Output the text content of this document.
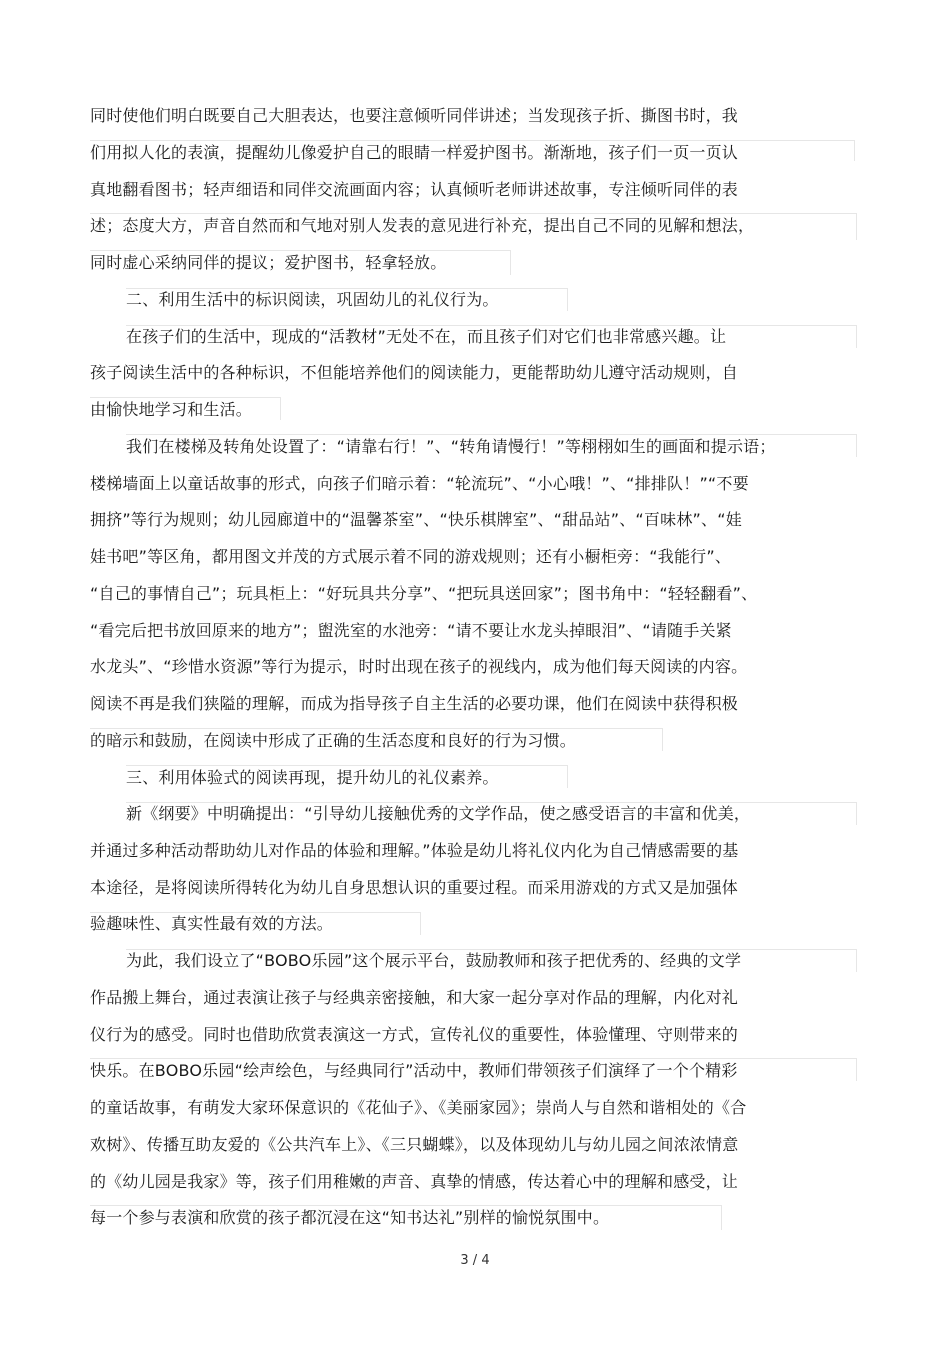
同时使他们明白既要自己大胆表达，也要注意倾听同伴讲述；当发现孩子折、撕图书时，我
们用拟人化的表演，提醒幼儿像爱护自己的眼睛一样爱护图书。渐渐地，孩子们一页一页认
真地翻看图书；轻声细语和同伴交流画面内容；认真倾听老师讲述故事，专注倾听同伴的表
述；态度大方，声音自然而和气地对别人发表的意见进行补充，提出自己不同的见解和想法，
同时虚心采纳同伴的提议；爱护图书，轻拿轻放。
二、利用生活中的标识阅读，巩固幼儿的礼仪行为。
在孩子们的生活中，现成的“活教材”无处不在，而且孩子们对它们也非常感兴趣。让
孩子阅读生活中的各种标识，不但能培养他们的阅读能力，更能帮助幼儿遵守活动规则，自
由愉快地学习和生活。
我们在楼梯及转角处设置了：“请靠右行！”、“转角请慢行！”等栩栩如生的画面和提示语；
楼梯墙面上以童话故事的形式，向孩子们暗示着：“轮流玩”、“小心哦！”、“排排队！”“不要
拥挤”等行为规则；幼儿园廊道中的“温馨茶室”、“快乐棋牌室”、“甜品站”、“百味林”、“娃
娃书吧”等区角，都用图文并茂的方式展示着不同的游戏规则；还有小橱柜旁：“我能行”、
“自己的事情自己”；玩具柜上：“好玩具共分享”、“把玩具送回家”；图书角中：“轻轻翻看”、
“看完后把书放回原来的地方”；盥洗室的水池旁：“请不要让水龙头掉眼泪”、“请随手关紧
水龙头”、“珍惜水资源”等行为提示，时时出现在孩子的视线内，成为他们每天阅读的内容。
阅读不再是我们狭隘的理解，而成为指导孩子自主生活的必要功课，他们在阅读中获得积极
的暗示和鼓励，在阅读中形成了正确的生活态度和良好的行为习惯。
三、利用体验式的阅读再现，提升幼儿的礼仪素养。
新《纲要》中明确提出：“引导幼儿接触优秀的文学作品，使之感受语言的丰富和优美，
并通过多种活动帮助幼儿对作品的体验和理解。”体验是幼儿将礼仪内化为自己情感需要的基
本途径，是将阅读所得转化为幼儿自身思想认识的重要过程。而采用游戏的方式又是加强体
验趣味性、真实性最有效的方法。
为此，我们设立了“BOBO乐园”这个展示平台，鼓励教师和孩子把优秀的、经典的文学
作品搬上舞台，通过表演让孩子与经典亲密接触，和大家一起分享对作品的理解，内化对礼
仪行为的感受。同时也借助欣赏表演这一方式，宣传礼仪的重要性，体验懂理、守则带来的
快乐。在BOBO乐园“绘声绘色，与经典同行”活动中，教师们带领孩子们演绎了一个个精彩
的童话故事，有萌发大家环保意识的《花仙子》、《美丽家园》；崇尚人与自然和谐相处的《合
欢树》、传播互助友爱的《公共汽车上》、《三只蝴蝶》，以及体现幼儿与幼儿园之间浓浓情意
的《幼儿园是我家》等，孩子们用稚嫩的声音、真挚的情感，传达着心中的理解和感受，让
每一个参与表演和欣赏的孩子都沉浸在这“知书达礼”别样的愉悦氛围中。
3 / 4
